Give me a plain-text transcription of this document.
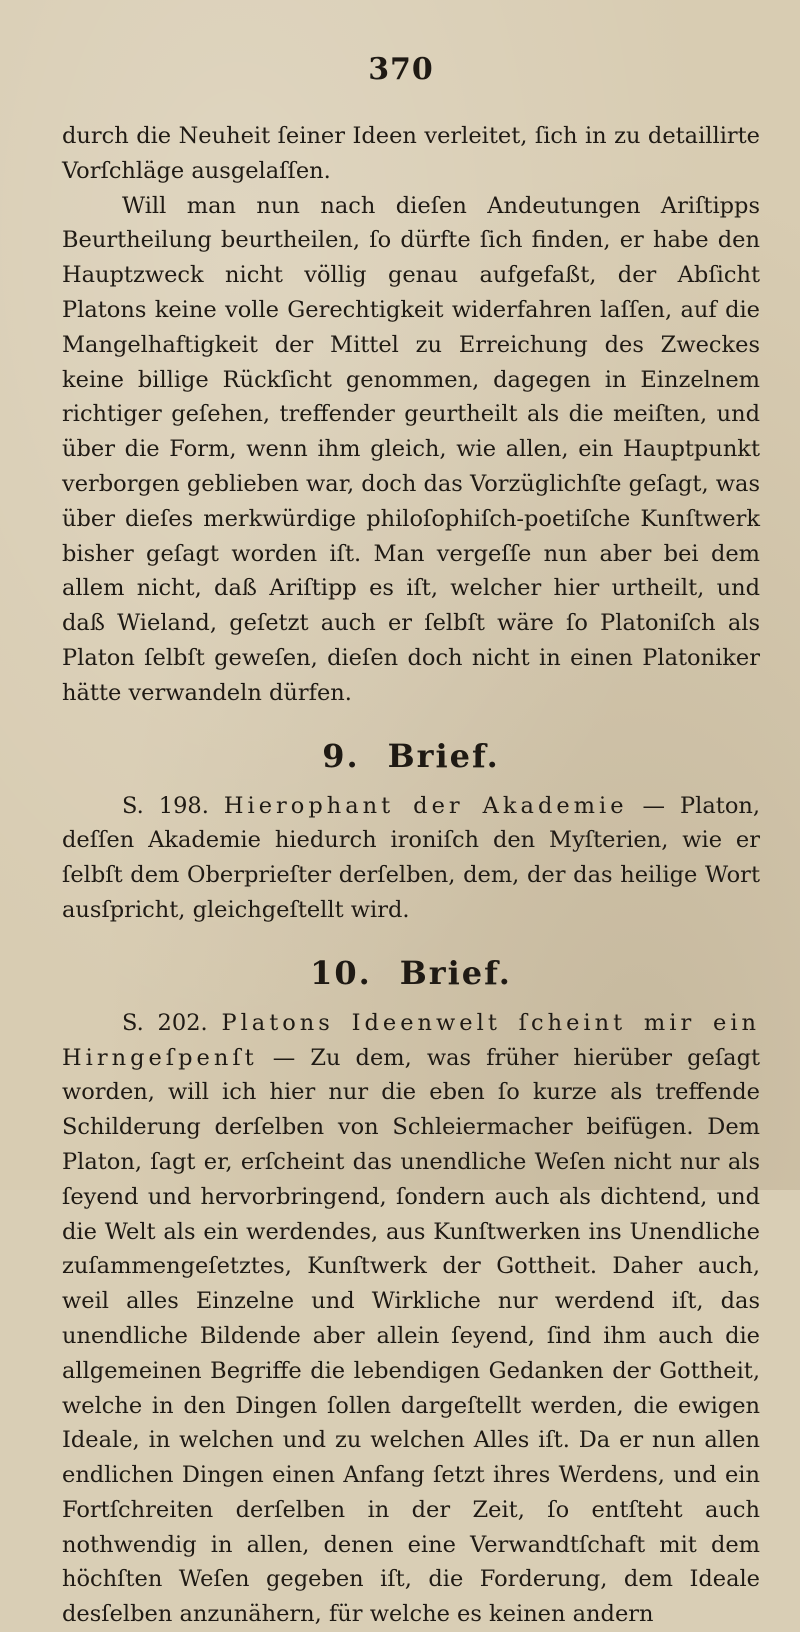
370

durch die Neuheit ſeiner Ideen verleitet, ſich in zu detaillirte Vorſchläge ausgelaſſen.

Will man nun nach dieſen Andeutungen Ariſtipps Beurtheilung beurtheilen, ſo dürfte ſich finden, er habe den Hauptzweck nicht völlig genau aufgefaßt, der Abſicht Platons keine volle Gerechtigkeit widerfahren laſſen, auf die Mangelhaftigkeit der Mittel zu Erreichung des Zweckes keine billige Rückſicht genommen, dagegen in Einzelnem richtiger geſehen, treffender geurtheilt als die meiſten, und über die Form, wenn ihm gleich, wie allen, ein Hauptpunkt verborgen geblieben war, doch das Vorzüglichſte geſagt, was über dieſes merkwürdige philoſophiſch-poetiſche Kunſtwerk bisher geſagt worden iſt. Man vergeſſe nun aber bei dem allem nicht, daß Ariſtipp es iſt, welcher hier urtheilt, und daß Wieland, geſetzt auch er ſelbſt wäre ſo Platoniſch als Platon ſelbſt geweſen, dieſen doch nicht in einen Platoniker hätte verwandeln dürfen.

9. Brief.

S. 198. Hierophant der Akademie — Platon, deſſen Akademie hiedurch ironiſch den Myſterien, wie er ſelbſt dem Oberprieſter derſelben, dem, der das heilige Wort ausſpricht, gleichgeſtellt wird.

10. Brief.

S. 202. Platons Ideenwelt ſcheint mir ein Hirngeſpenſt — Zu dem, was früher hierüber geſagt worden, will ich hier nur die eben ſo kurze als treffende Schilderung derſelben von Schleiermacher beifügen. Dem Platon, ſagt er, erſcheint das unendliche Weſen nicht nur als ſeyend und hervorbringend, ſondern auch als dichtend, und die Welt als ein werdendes, aus Kunſtwerken ins Unendliche zuſammengeſetztes, Kunſtwerk der Gottheit. Daher auch, weil alles Einzelne und Wirkliche nur werdend iſt, das unendliche Bildende aber allein ſeyend, ſind ihm auch die allgemeinen Begriffe die lebendigen Gedanken der Gottheit, welche in den Dingen ſollen dargeſtellt werden, die ewigen Ideale, in welchen und zu welchen Alles iſt. Da er nun allen endlichen Dingen einen Anfang ſetzt ihres Werdens, und ein Fortſchreiten derſelben in der Zeit, ſo entſteht auch nothwendig in allen, denen eine Verwandtſchaft mit dem höchſten Weſen gegeben iſt, die Forderung, dem Ideale desſelben anzunähern, für welche es keinen andern
